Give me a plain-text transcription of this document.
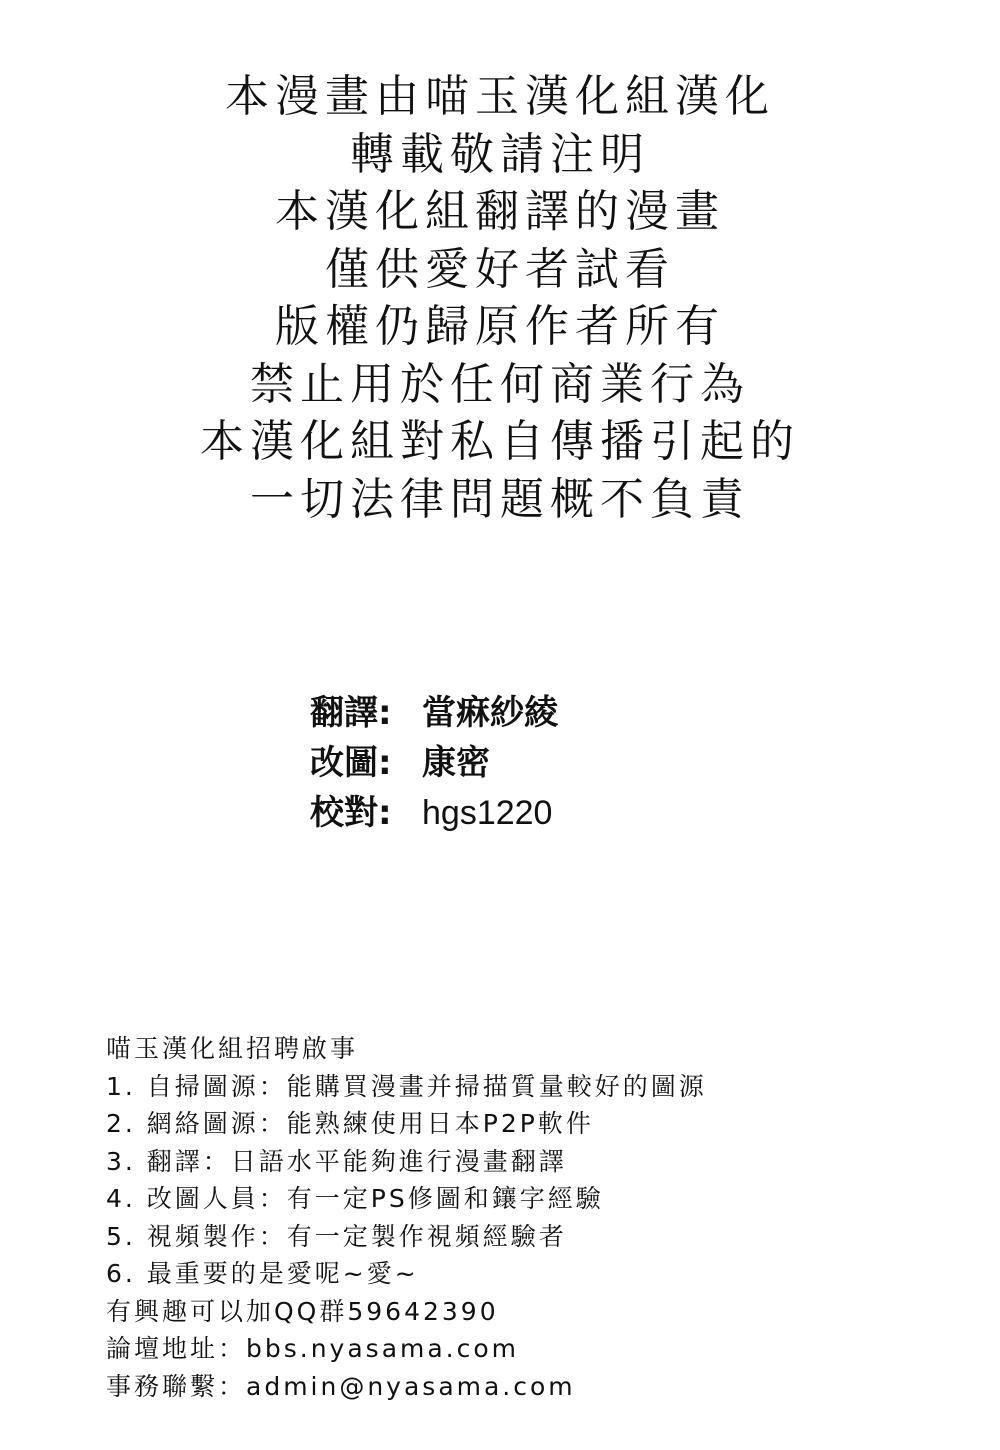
本漫畫由喵玉漢化組漢化
轉載敬請注明
本漢化組翻譯的漫畫
僅供愛好者試看
版權仍歸原作者所有
禁止用於任何商業行為
本漢化組對私自傳播引起的
一切法律問題概不負責
翻譯: 當痳紗綾
改圖: 康密
校對: hgs1220
喵玉漢化組招聘啟事
1. 自掃圖源：能購買漫畫并掃描質量較好的圖源
2. 網絡圖源：能熟練使用日本P2P軟件
3. 翻譯：日語水平能夠進行漫畫翻譯
4. 改圖人員：有一定PS修圖和鑲字經驗
5. 視頻製作：有一定製作視頻經驗者
6. 最重要的是愛呢~愛~
有興趣可以加QQ群59642390
論壇地址：bbs.nyasama.com
事務聯繫：admin@nyasama.com
